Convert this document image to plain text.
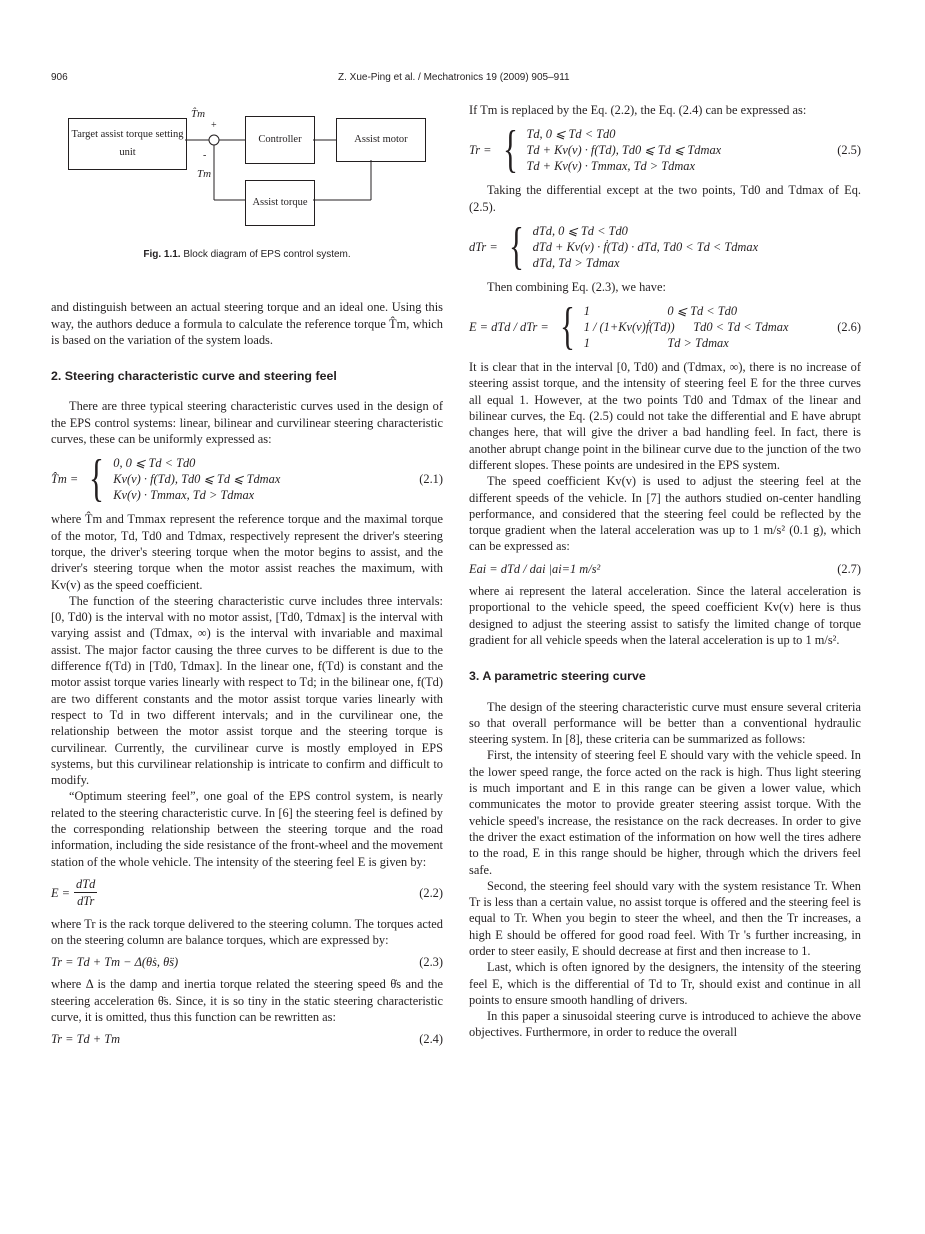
906	Z. Xue-Ping et al. / Mechatronics 19 (2009) 905–911
Target assist torque setting unit
Controller	Assist motor
Assist torque
T̂m
+
-
Tm
Fig. 1.1. Block diagram of EPS control system.

and distinguish between an actual steering torque and an ideal one. Using this way, the authors deduce a formula to calculate the reference torque T̂m, which is based on the variation of the system loads.

2. Steering characteristic curve and steering feel

There are three typical steering characteristic curves used in the design of the EPS control systems: linear, bilinear and curvilinear steering characteristic curves, these can be uniformly expressed as:

T̂m = { 0, 0 ⩽ Td < Td0
Kv(v) · f(Td), Td0 ⩽ Td ⩽ Tdmax
Kv(v) · Tmmax, Td > Tdmax
(2.1)

where T̂m and Tmmax represent the reference torque and the maximal torque of the motor, Td, Td0 and Tdmax, respectively represent the driver's steering torque, the driver's steering torque when the motor begins to assist, and the driver's steering torque when the motor assist reaches the maximum, with Kv(v) as the speed coefficient.

The function of the steering characteristic curve includes three intervals: [0, Td0) is the interval with no motor assist, [Td0, Tdmax] is the interval with varying assist and (Tdmax, ∞) is the interval with invariable and maximal assist. The major factor causing the three curves to be different is due to the difference f(Td) in [Td0, Tdmax]. In the linear one, f(Td) is constant and the motor assist torque varies linearly with respect to Td; in the bilinear one, f(Td) are two different constants and the motor assist torque varies linearly with respect to Td in two different intervals; and in the curvilinear one, the relationship between the motor assist torque and the steering torque is curvilinear. Currently, the curvilinear curve is mostly employed in EPS systems, but this curvilinear relationship is intricate to confirm and difficult to modify.

“Optimum steering feel”, one goal of the EPS control system, is nearly related to the steering characteristic curve. In [6] the steering feel is defined by the corresponding relationship between the steering torque and the road information, including the side resistance of the front-wheel and the movement station of the whole vehicle. The intensity of the steering feel E is given by:

$E = \frac{\text{dTd}}{\text{dTr}}$	(2.2)

where Tr is the rack torque delivered to the steering column. The torques acted on the steering column are balance torques, which are expressed by:

Tr = Td + Tm − Δ(θ̇s, θ̈s)	(2.3)

where Δ is the damp and inertia torque related the steering speed θ̇s and the steering acceleration θ̈s. Since, it is so tiny in the static steering characteristic curve, it is omitted, thus this function can be rewritten as:

Tr = Td + Tm	(2.4)

If Tm is replaced by the Eq. (2.2), the Eq. (2.4) can be expressed as:

Tr = { Td, 0 ⩽ Td < Td0
Td + Kv(v) · f(Td), Td0 ⩽ Td ⩽ Tdmax
Td + Kv(v) · Tmmax, Td > Tdmax
(2.5)

Taking the differential except at the two points, Td0 and Tdmax of Eq. (2.5).

dTr = { dTd, 0 ⩽ Td < Td0
dTd + Kv(v) · ḟ(Td) · dTd, Td0 < Td < Tdmax
dTd, Td > Tdmax

Then combining Eq. (2.3), we have:

E = dTd / dTr = { 1                         0 ⩽ Td < Td0
1 / (1+Kv(v)ḟ(Td))      Td0 < Td < Tdmax
1                         Td > Tdmax
(2.6)

It is clear that in the interval [0, Td0) and (Tdmax, ∞), there is no increase of steering assist torque, and the intensity of steering feel E for the three curves all equal 1. However, at the two points Td0 and Tdmax of the linear and bilinear curves, the Eq. (2.5) could not take the differential and E have abrupt changes here, that will give the driver a bad handling feel. In fact, there is another abrupt change point in the bilinear curve due to the junction of the two different slopes. These points are undesired in the EPS system.

The speed coefficient Kv(v) is used to adjust the steering feel at the different speeds of the vehicle. In [7] the authors studied on-center handling performance, and considered that the steering feel could be reflected by the torque gradient when the lateral acceleration was up to 1 m/s² (0.1 g), which can be expressed as:

Eai = dTd / dai |ai=1 m/s²	(2.7)

where ai represent the lateral acceleration. Since the lateral acceleration is proportional to the vehicle speed, the speed coefficient Kv(v) here is thus designed to adjust the steering assist to satisfy the limited change of torque gradient for all vehicle speeds when the lateral acceleration is up to 1 m/s².

3. A parametric steering curve

The design of the steering characteristic curve must ensure several criteria so that overall performance will be better than a conventional hydraulic steering system. In [8], these criteria can be summarized as follows:

First, the intensity of steering feel E should vary with the vehicle speed. In the lower speed range, the force acted on the rack is high. Thus light steering is much important and E in this range can be given a lower value, which communicates the motor to provide greater steering assist torque. With the vehicle speed's increase, the resistance on the rack decreases. In order to give the driver the exact estimation of the information on how well the tires adhere to the road, E in this range should be higher, through which the drivers feel safe.

Second, the steering feel should vary with the system resistance Tr. When Tr is less than a certain value, no assist torque is offered and the steering feel is equal to Tr. When you begin to steer the wheel, and then the Tr increases, a high E should be offered for good road feel. With Tr 's further increasing, in order to steer easily, E should decrease at first and then increase to 1.

Last, which is often ignored by the designers, the intensity of the steering feel E, which is the differential of Td to Tr, should exist and continue in all points to ensure smooth handling of drivers.

In this paper a sinusoidal steering curve is introduced to achieve the above objectives. Furthermore, in order to reduce the overall
